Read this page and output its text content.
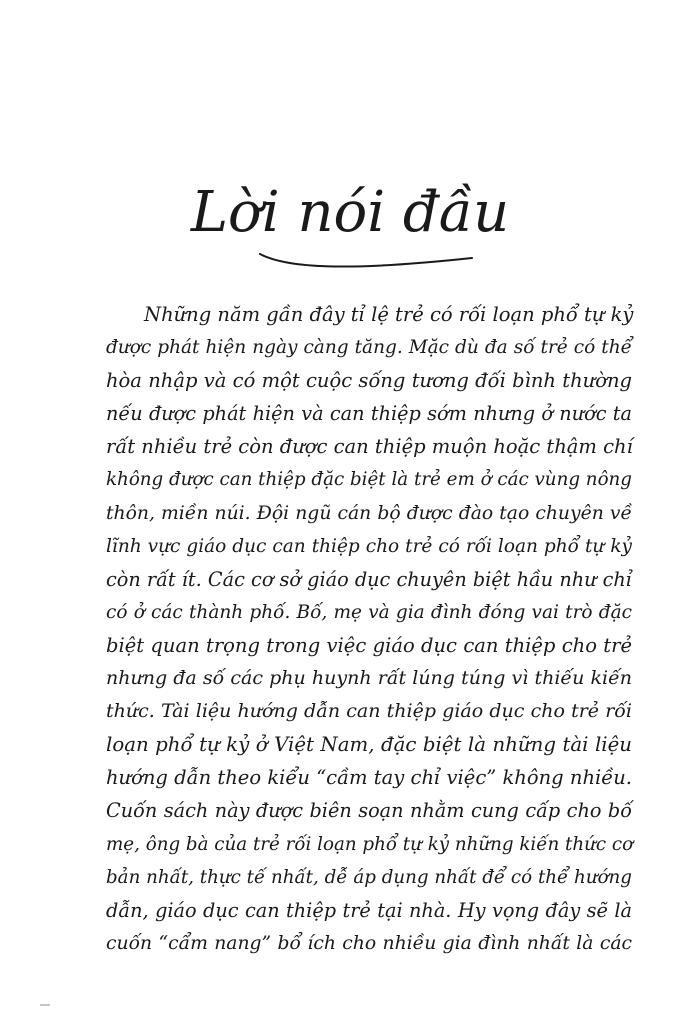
Lời nói đầu
Những năm gần đây tỉ lệ trẻ có rối loạn phổ tự kỷ
được phát hiện ngày càng tăng. Mặc dù đa số trẻ có thể
hòa nhập và có một cuộc sống tương đối bình thường
nếu được phát hiện và can thiệp sớm nhưng ở nước ta
rất nhiều trẻ còn được can thiệp muộn hoặc thậm chí
không được can thiệp đặc biệt là trẻ em ở các vùng nông
thôn, miền núi. Đội ngũ cán bộ được đào tạo chuyên về
lĩnh vực giáo dục can thiệp cho trẻ có rối loạn phổ tự kỷ
còn rất ít. Các cơ sở giáo dục chuyên biệt hầu như chỉ
có ở các thành phố. Bố, mẹ và gia đình đóng vai trò đặc
biệt quan trọng trong việc giáo dục can thiệp cho trẻ
nhưng đa số các phụ huynh rất lúng túng vì thiếu kiến
thức. Tài liệu hướng dẫn can thiệp giáo dục cho trẻ rối
loạn phổ tự kỷ ở Việt Nam, đặc biệt là những tài liệu
hướng dẫn theo kiểu “cầm tay chỉ việc” không nhiều.
Cuốn sách này được biên soạn nhằm cung cấp cho bố
mẹ, ông bà của trẻ rối loạn phổ tự kỷ những kiến thức cơ
bản nhất, thực tế nhất, dễ áp dụng nhất để có thể hướng
dẫn, giáo dục can thiệp trẻ tại nhà. Hy vọng đây sẽ là
cuốn “cẩm nang” bổ ích cho nhiều gia đình nhất là các
